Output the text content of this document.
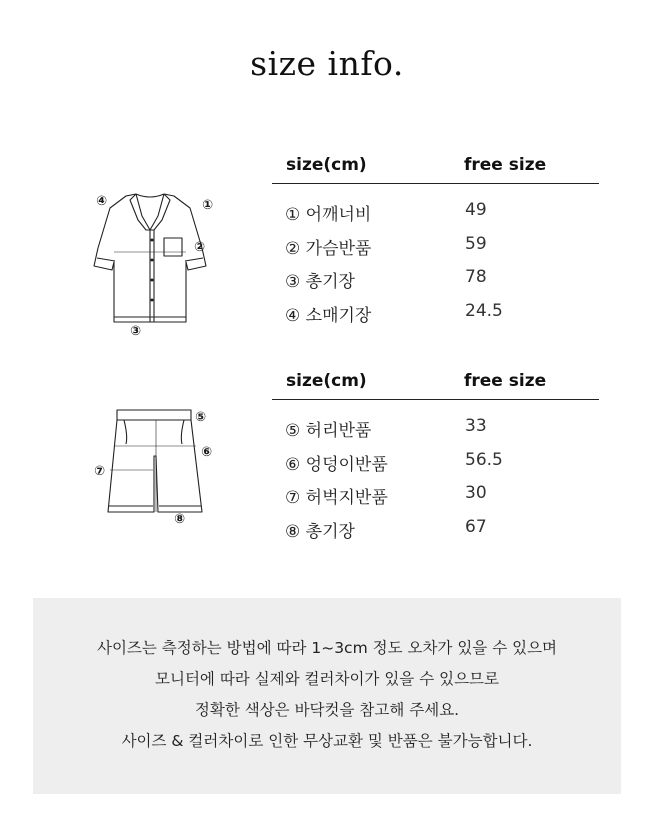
size info.
①
②
③
④
⑤
⑥
⑦
⑧
size(cm)	free size
① 어깨너비	49
② 가슴반품	59
③ 총기장	78
④ 소매기장	24.5
size(cm)	free size
⑤ 허리반품	33
⑥ 엉덩이반품	56.5
⑦ 허벅지반품	30
⑧ 총기장	67

사이즈는 측정하는 방법에 따라 1~3cm 정도 오차가 있을 수 있으며

모니터에 따라 실제와 컬러차이가 있을 수 있으므로

정확한 색상은 바닥컷을 참고해 주세요.

사이즈 & 컬러차이로 인한 무상교환 및 반품은 불가능합니다.
